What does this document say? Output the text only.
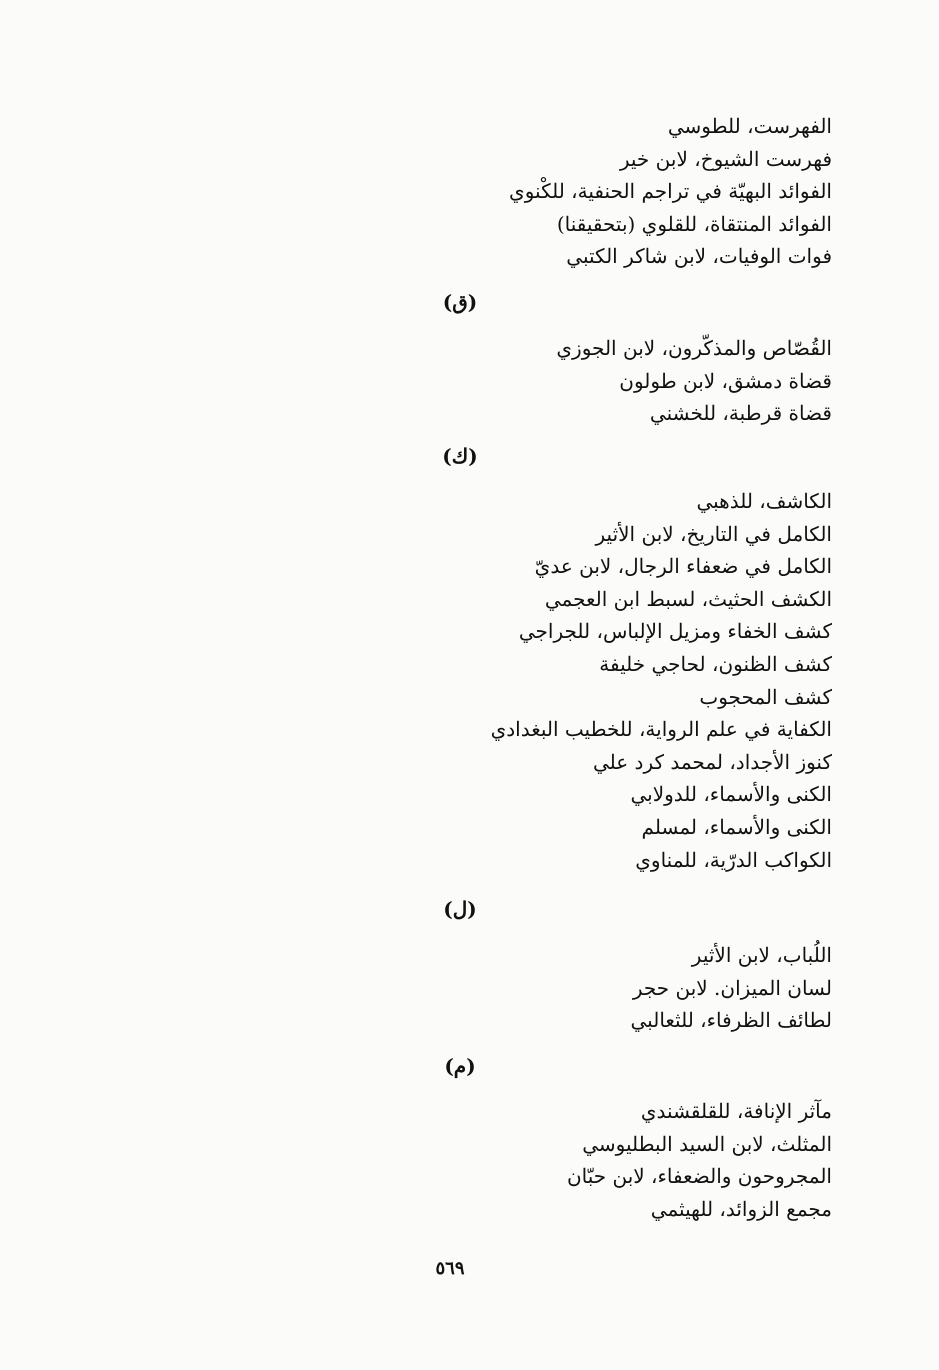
الفهرست، للطوسي
فهرست الشيوخ، لابن خير
الفوائد البهيّة في تراجم الحنفية، للكْنوي
الفوائد المنتقاة، للقلوي (بتحقيقنا)
فوات الوفيات، لابن شاكر الكتبي
(ق)
القُصّاص والمذكّرون، لابن الجوزي
قضاة دمشق، لابن طولون
قضاة قرطبة، للخشني
(ك)
الكاشف، للذهبي
الكامل في التاريخ، لابن الأثير
الكامل في ضعفاء الرجال، لابن عديّ
الكشف الحثيث، لسبط ابن العجمي
كشف الخفاء ومزيل الإلباس، للجراجي
كشف الظنون، لحاجي خليفة
كشف المحجوب
الكفاية في علم الرواية، للخطيب البغدادي
كنوز الأجداد، لمحمد كرد علي
الكنى والأسماء، للدولابي
الكنى والأسماء، لمسلم
الكواكب الدرّية، للمناوي
(ل)
اللُباب، لابن الأثير
لسان الميزان. لابن حجر
لطائف الظرفاء، للثعالبي
(م)
مآثر الإنافة، للقلقشندي
المثلث، لابن السيد البطليوسي
المجروحون والضعفاء، لابن حبّان
مجمع الزوائد، للهيثمي
٥٦٩
